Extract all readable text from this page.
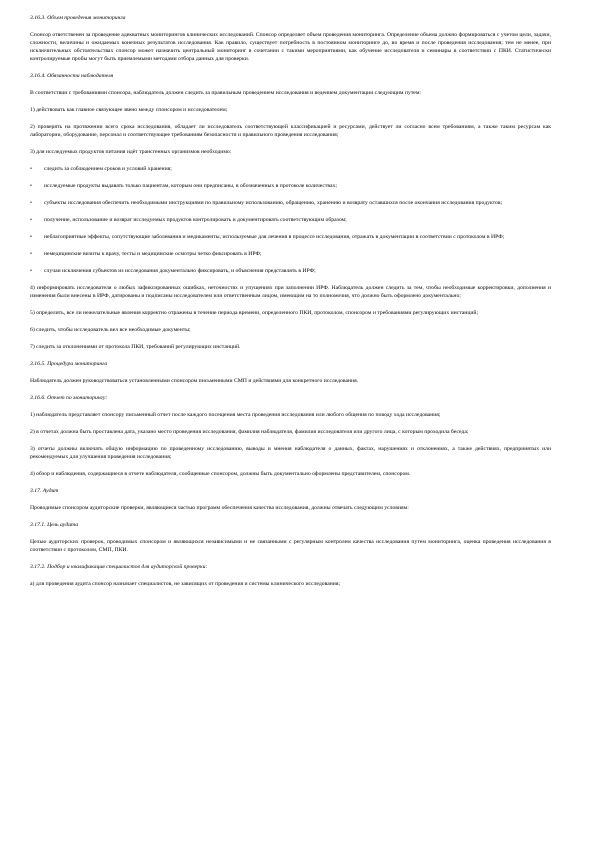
3.16.3. Объем проведения мониторинга
Спонсор ответственен за проведение адекватных мониторингов клинических исследований. Спонсор определяет объем проведения мониторинга. Определение объема должно формироваться с учетом цели, задачи, сложности, величины и ожидаемых конечных результатов исследования. Как правило, существует потребность в постоянном мониторинге до, во время и после проведения исследования; тем не менее, при исключительных обстоятельствах спонсор может назначить центральный мониторинг в сочетании с такими мероприятиями, как обучение исследователя и семинары в соответствии с ПКИ. Статистически контролируемые пробы могут быть приемлемыми методами отбора данных для проверки.
3.16.4. Обязанности наблюдателя
В соответствии с требованиями спонсора, наблюдатель должен следить за правильным проведением исследования и ведением документации следующим путем:
1) действовать как главное связующее звено между спонсором и исследователем;
2) проверять на протяжении всего срока исследования, обладает ли исследователь соответствующей классификацией и ресурсами, действует ли согласно всем требованиям, а также таким ресурсам как лаборатории, оборудование, персонал и соответствующее требованиям безопасности и правильного проведения исследования;
3) для исследуемых продуктов питания идёт трансгенных организмов необходимо:
•	следить за соблюдением сроков и условий хранения;
•	исследуемые продукты выдавать только пациентам, которым они предписаны, в обозначенных в протоколе количествах;
•	субъекты исследования обеспечить необходимыми инструкциями по правильному использованию, обращению, хранению и возврату оставшихся после окончания исследования продуктов;
•	получение, использование и возврат исследуемых продуктов контролировать и документировать соответствующим образом;
•	неблагоприятные эффекты, сопутствующие заболевания и медикаменты, используемые для лечения в процессе исследования, отражать в документации в соответствии с протоколом в ИРФ;
•	немедицинские визиты к врачу, тесты и медицинские осмотры четко фиксировать в ИРФ;
•	случаи исключения субъектов из исследования документально фиксировать, и объяснения представлять в ИРФ;
4) информировать исследователя о любых зафиксированных ошибках, неточностях и упущениях при заполнении ИРФ. Наблюдатель должен следить за тем, чтобы необходимые корректировки, дополнения и изменения были внесены в ИРФ, датированы и подписаны исследователем или ответственным лицом, имеющим на то полномочия, что должно быть оформлено документально;
5) определить, все ли нежелательные явления корректно отражены в течение периода времени, определенного ПКИ, протоколом, спонсором и требованиями регулирующих инстанций;
6) следить, чтобы исследователь вел все необходимые документы;
7) следить за отклонениями от протокола ПКИ, требований регулирующих инстанций.
3.16.5. Процедура мониторинга
Наблюдатель должен руководствоваться установленными спонсором письменными СМП и действиями для конкретного исследования.
3.16.6. Отчет по мониторингу:
1) наблюдатель представляет спонсору письменный отчет после каждого посещения места проведения исследования или любого общения по поводу хода исследования;
2) в отчетах должна быть проставлена дата, указано место проведения исследования, фамилия наблюдателя, фамилия исследователя или другого лица, с которым проходила беседа;
3) отчеты должны включать общую информацию по проведенному исследованию, выводы и мнения наблюдателя о данных, фактах, нарушениях и отклонениях, а также действиях, предпринятых или рекомендуемых для улучшения проведения исследования;
4) обзор и наблюдения, содержащиеся в отчете наблюдателя, сообщенные спонсором, должны быть документально оформлены представителем, спонсором.
3.17. Аудит
Проводимые спонсором аудиторские проверки, являющиеся частью программ обеспечения качества исследования, должны отвечать следующим условиям:
3.17.1. Цель аудита
Целью аудиторских проверок, проводимых спонсором и являющихся независимыми и не связанными с регулярным контролем качества исследования путем мониторинга, оценка проведения исследования в соответствии с протоколом, СМП, ПКИ.
3.17.2. Подбор и квалификация специалистов для аудиторской проверки:
а) для проведения аудита спонсор назначает специалистов, не зависящих от проведения и системы клинического исследования;
